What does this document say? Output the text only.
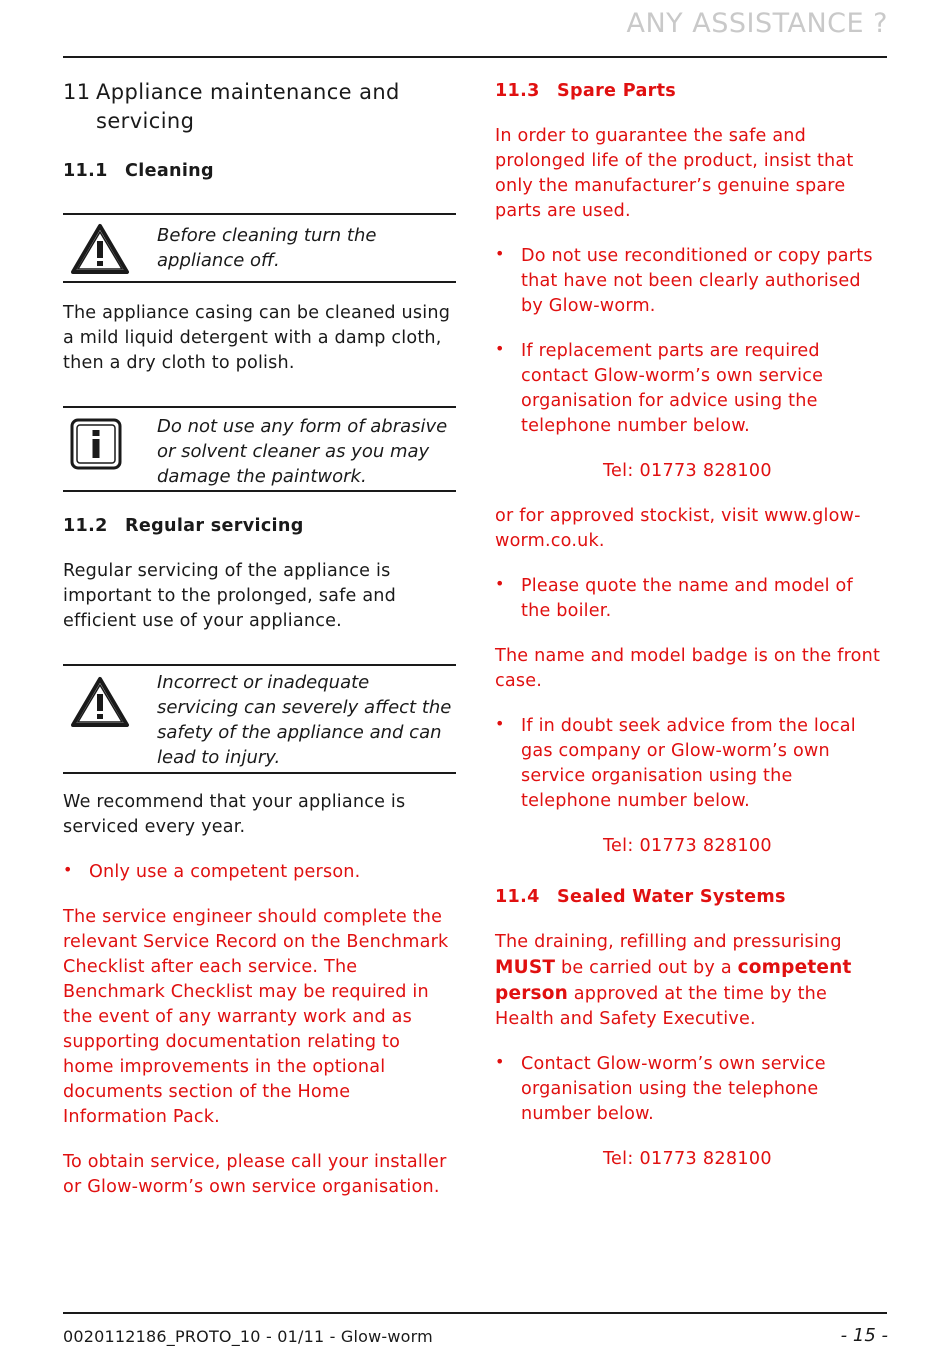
ANY ASSISTANCE ?
11 Appliance maintenance and servicing
11.1 Cleaning
Before cleaning turn the appliance off.

The appliance casing can be cleaned using a mild liquid detergent with a damp cloth, then a dry cloth to polish.

Do not use any form of abrasive or solvent cleaner as you may damage the paintwork.
11.2 Regular servicing

Regular servicing of the appliance is important to the prolonged, safe and efficient use of your appliance.

Incorrect or inadequate servicing can severely affect the safety of the appliance and can lead to injury.

We recommend that your appliance is serviced every year.

• Only use a competent person.

The service engineer should complete the relevant Service Record on the Benchmark Checklist after each service. The Benchmark Checklist may be required in the event of any warranty work and as supporting documentation relating to home improvements in the optional documents section of the Home Information Pack.

To obtain service, please call your installer or Glow-worm’s own service organisation.

11.3 Spare Parts

In order to guarantee the safe and prolonged life of the product, insist that only the manufacturer’s genuine spare parts are used.

• Do not use reconditioned or copy parts that have not been clearly authorised by Glow-worm.

• If replacement parts are required contact Glow-worm’s own service organisation for advice using the telephone number below.

Tel: 01773 828100

or for approved stockist, visit www.glow-worm.co.uk.

• Please quote the name and model of the boiler.

The name and model badge is on the front case.

• If in doubt seek advice from the local gas company or Glow-worm’s own service organisation using the telephone number below.

Tel: 01773 828100
11.4 Sealed Water Systems

The draining, refilling and pressurising MUST be carried out by a competent person approved at the time by the Health and Safety Executive.

• Contact Glow-worm’s own service organisation using the telephone number below.

Tel: 01773 828100
0020112186_PROTO_10 - 01/11 - Glow-worm	- 15 -
